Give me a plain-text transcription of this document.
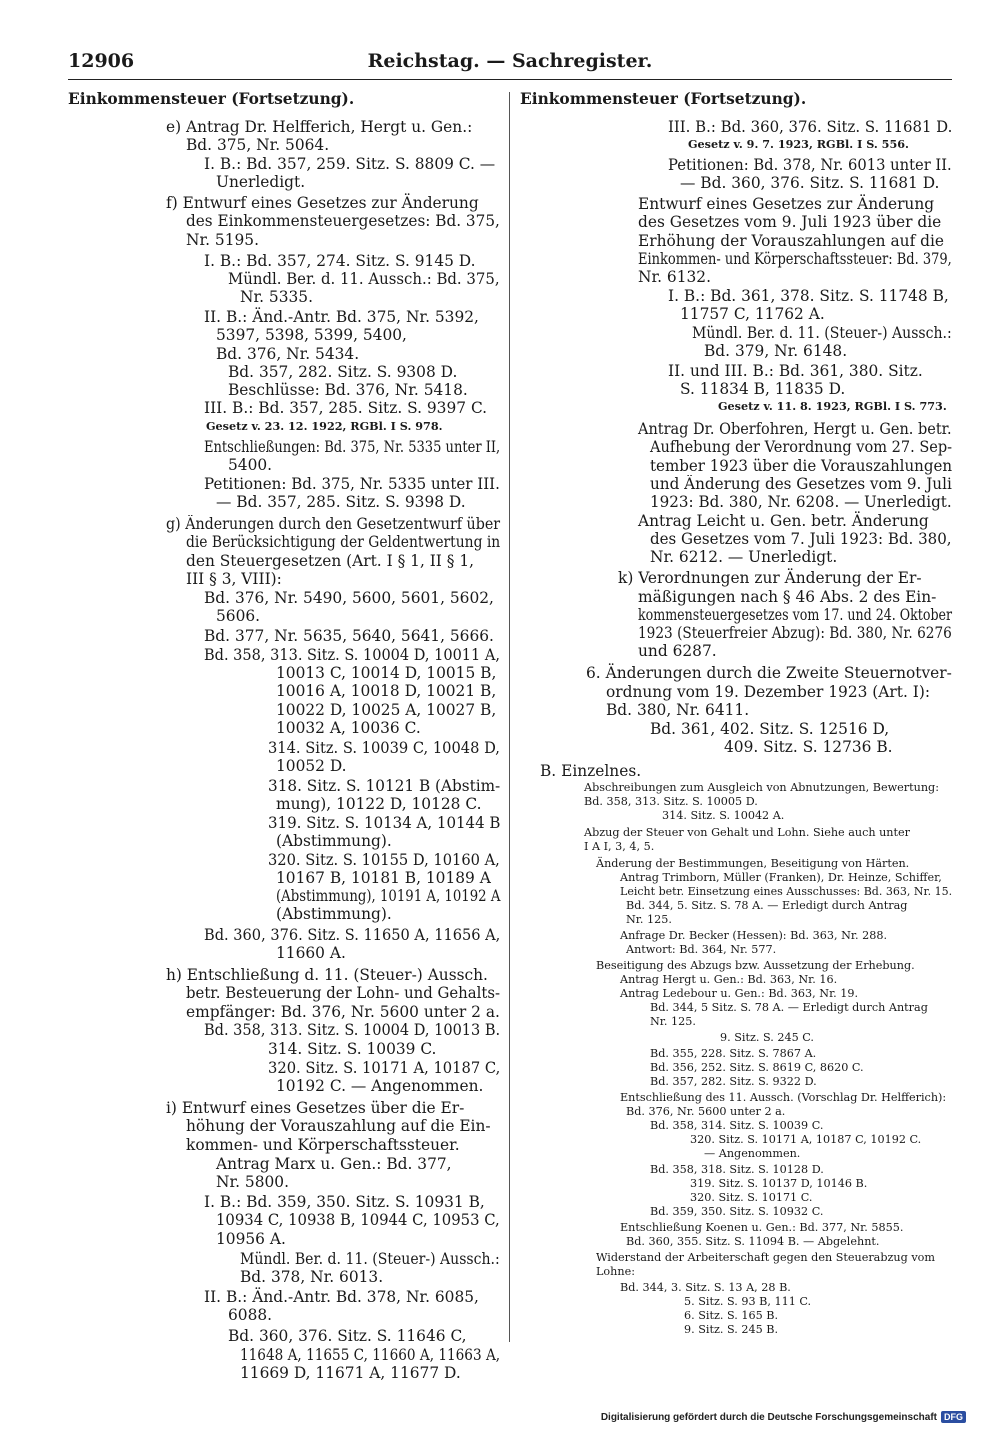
12906	Reichstag. — Sachregister.
Einkommensteuer (Fortsetzung).
e) Antrag Dr. Helfferich, Hergt u. Gen.:
Bd. 375, Nr. 5064.
I. B.: Bd. 357, 259. Sitz. S. 8809 C. —
Unerledigt.
f) Entwurf eines Gesetzes zur Änderung
des Einkommensteuergesetzes: Bd. 375,
Nr. 5195.
I. B.: Bd. 357, 274. Sitz. S. 9145 D.
Mündl. Ber. d. 11. Aussch.: Bd. 375,
Nr. 5335.
II. B.: Änd.-Antr. Bd. 375, Nr. 5392,
5397, 5398, 5399, 5400,
Bd. 376, Nr. 5434.
Bd. 357, 282. Sitz. S. 9308 D.
Beschlüsse: Bd. 376, Nr. 5418.
III. B.: Bd. 357, 285. Sitz. S. 9397 C.
Gesetz v. 23. 12. 1922, RGBl. I S. 978.
Entschließungen: Bd. 375, Nr. 5335 unter II,
5400.
Petitionen: Bd. 375, Nr. 5335 unter III.
— Bd. 357, 285. Sitz. S. 9398 D.
g) Änderungen durch den Gesetzentwurf über
die Berücksichtigung der Geldentwertung in
den Steuergesetzen (Art. I § 1, II § 1,
III § 3, VIII):
Bd. 376, Nr. 5490, 5600, 5601, 5602,
5606.
Bd. 377, Nr. 5635, 5640, 5641, 5666.
Bd. 358, 313. Sitz. S. 10004 D, 10011 A,
10013 C, 10014 D, 10015 B,
10016 A, 10018 D, 10021 B,
10022 D, 10025 A, 10027 B,
10032 A, 10036 C.
314. Sitz. S. 10039 C, 10048 D,
10052 D.
318. Sitz. S. 10121 B (Abstim-
mung), 10122 D, 10128 C.
319. Sitz. S. 10134 A, 10144 B
(Abstimmung).
320. Sitz. S. 10155 D, 10160 A,
10167 B, 10181 B, 10189 A
(Abstimmung), 10191 A, 10192 A
(Abstimmung).
Bd. 360, 376. Sitz. S. 11650 A, 11656 A,
11660 A.
h) Entschließung d. 11. (Steuer-) Aussch.
betr. Besteuerung der Lohn- und Gehalts-
empfänger: Bd. 376, Nr. 5600 unter 2 a.
Bd. 358, 313. Sitz. S. 10004 D, 10013 B.
314. Sitz. S. 10039 C.
320. Sitz. S. 10171 A, 10187 C,
10192 C. — Angenommen.
i) Entwurf eines Gesetzes über die Er-
höhung der Vorauszahlung auf die Ein-
kommen- und Körperschaftssteuer.
Antrag Marx u. Gen.: Bd. 377,
Nr. 5800.
I. B.: Bd. 359, 350. Sitz. S. 10931 B,
10934 C, 10938 B, 10944 C, 10953 C,
10956 A.
Mündl. Ber. d. 11. (Steuer-) Aussch.:
Bd. 378, Nr. 6013.
II. B.: Änd.-Antr. Bd. 378, Nr. 6085,
6088.
Bd. 360, 376. Sitz. S. 11646 C,
11648 A, 11655 C, 11660 A, 11663 A,
11669 D, 11671 A, 11677 D.
Einkommensteuer (Fortsetzung).
III. B.: Bd. 360, 376. Sitz. S. 11681 D.
Gesetz v. 9. 7. 1923, RGBl. I S. 556.
Petitionen: Bd. 378, Nr. 6013 unter II.
— Bd. 360, 376. Sitz. S. 11681 D.
Entwurf eines Gesetzes zur Änderung
des Gesetzes vom 9. Juli 1923 über die
Erhöhung der Vorauszahlungen auf die
Einkommen- und Körperschaftssteuer: Bd. 379,
Nr. 6132.
I. B.: Bd. 361, 378. Sitz. S. 11748 B,
11757 C, 11762 A.
Mündl. Ber. d. 11. (Steuer-) Aussch.:
Bd. 379, Nr. 6148.
II. und III. B.: Bd. 361, 380. Sitz.
S. 11834 B, 11835 D.
Gesetz v. 11. 8. 1923, RGBl. I S. 773.
Antrag Dr. Oberfohren, Hergt u. Gen. betr.
Aufhebung der Verordnung vom 27. Sep-
tember 1923 über die Vorauszahlungen
und Änderung des Gesetzes vom 9. Juli
1923: Bd. 380, Nr. 6208. — Unerledigt.
Antrag Leicht u. Gen. betr. Änderung
des Gesetzes vom 7. Juli 1923: Bd. 380,
Nr. 6212. — Unerledigt.
k) Verordnungen zur Änderung der Er-
mäßigungen nach § 46 Abs. 2 des Ein-
kommensteuergesetzes vom 17. und 24. Oktober
1923 (Steuerfreier Abzug): Bd. 380, Nr. 6276
und 6287.
6. Änderungen durch die Zweite Steuernotver-
ordnung vom 19. Dezember 1923 (Art. I):
Bd. 380, Nr. 6411.
Bd. 361, 402. Sitz. S. 12516 D,
409. Sitz. S. 12736 B.
B. Einzelnes.
Abschreibungen zum Ausgleich von Abnutzungen, Bewertung:
Bd. 358, 313. Sitz. S. 10005 D.
314. Sitz. S. 10042 A.
Abzug der Steuer von Gehalt und Lohn. Siehe auch unter
I A I, 3, 4, 5.
Änderung der Bestimmungen, Beseitigung von Härten.
Antrag Trimborn, Müller (Franken), Dr. Heinze, Schiffer,
Leicht betr. Einsetzung eines Ausschusses: Bd. 363, Nr. 15.
Bd. 344, 5. Sitz. S. 78 A. — Erledigt durch Antrag
Nr. 125.
Anfrage Dr. Becker (Hessen): Bd. 363, Nr. 288.
Antwort: Bd. 364, Nr. 577.
Beseitigung des Abzugs bzw. Aussetzung der Erhebung.
Antrag Hergt u. Gen.: Bd. 363, Nr. 16.
Antrag Ledebour u. Gen.: Bd. 363, Nr. 19.
Bd. 344, 5 Sitz. S. 78 A. — Erledigt durch Antrag
Nr. 125.
9. Sitz. S. 245 C.
Bd. 355, 228. Sitz. S. 7867 A.
Bd. 356, 252. Sitz. S. 8619 C, 8620 C.
Bd. 357, 282. Sitz. S. 9322 D.
Entschließung des 11. Aussch. (Vorschlag Dr. Helfferich):
Bd. 376, Nr. 5600 unter 2 a.
Bd. 358, 314. Sitz. S. 10039 C.
320. Sitz. S. 10171 A, 10187 C, 10192 C.
— Angenommen.
Bd. 358, 318. Sitz. S. 10128 D.
319. Sitz. S. 10137 D, 10146 B.
320. Sitz. S. 10171 C.
Bd. 359, 350. Sitz. S. 10932 C.
Entschließung Koenen u. Gen.: Bd. 377, Nr. 5855.
Bd. 360, 355. Sitz. S. 11094 B. — Abgelehnt.
Widerstand der Arbeiterschaft gegen den Steuerabzug vom
Lohne:
Bd. 344, 3. Sitz. S. 13 A, 28 B.
5. Sitz. S. 93 B, 111 C.
6. Sitz. S. 165 B.
9. Sitz. S. 245 B.
Digitalisierung gefördert durch die Deutsche Forschungsgemeinschaft DFG
